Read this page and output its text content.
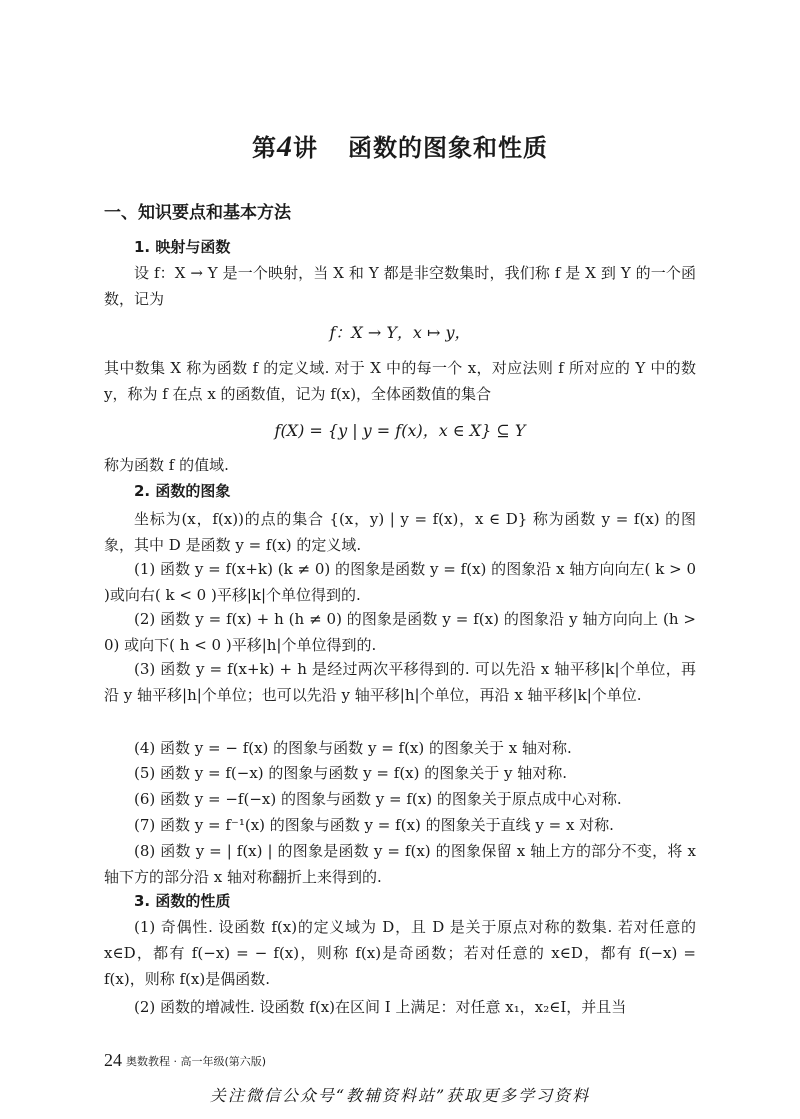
第4讲 函数的图象和性质
一、知识要点和基本方法
1. 映射与函数
设 f：X → Y 是一个映射，当 X 和 Y 都是非空数集时，我们称 f 是 X 到 Y 的一个函数，记为
f：X → Y，x ↦ y，
其中数集 X 称为函数 f 的定义域. 对于 X 中的每一个 x，对应法则 f 所对应的 Y 中的数 y，称为 f 在点 x 的函数值，记为 f(x)，全体函数值的集合
f(X) = {y | y = f(x)，x ∈ X} ⊆ Y
称为函数 f 的值域.
2. 函数的图象
坐标为(x，f(x))的点的集合 {(x，y) | y = f(x)，x ∈ D} 称为函数 y = f(x) 的图象，其中 D 是函数 y = f(x) 的定义域.
(1) 函数 y = f(x+k) (k ≠ 0) 的图象是函数 y = f(x) 的图象沿 x 轴方向向左( k > 0 )或向右( k < 0 )平移|k|个单位得到的.
(2) 函数 y = f(x) + h (h ≠ 0) 的图象是函数 y = f(x) 的图象沿 y 轴方向向上 (h > 0) 或向下( h < 0 )平移|h|个单位得到的.
(3) 函数 y = f(x+k) + h 是经过两次平移得到的. 可以先沿 x 轴平移|k|个单位，再沿 y 轴平移|h|个单位；也可以先沿 y 轴平移|h|个单位，再沿 x 轴平移|k|个单位.
(4) 函数 y = − f(x) 的图象与函数 y = f(x) 的图象关于 x 轴对称.
(5) 函数 y = f(−x) 的图象与函数 y = f(x) 的图象关于 y 轴对称.
(6) 函数 y = −f(−x) 的图象与函数 y = f(x) 的图象关于原点成中心对称.
(7) 函数 y = f⁻¹(x) 的图象与函数 y = f(x) 的图象关于直线 y = x 对称.
(8) 函数 y = | f(x) | 的图象是函数 y = f(x) 的图象保留 x 轴上方的部分不变，将 x 轴下方的部分沿 x 轴对称翻折上来得到的.
3. 函数的性质
(1) 奇偶性. 设函数 f(x)的定义域为 D，且 D 是关于原点对称的数集. 若对任意的 x∈D，都有 f(−x) = − f(x)，则称 f(x)是奇函数；若对任意的 x∈D，都有 f(−x) = f(x)，则称 f(x)是偶函数.
(2) 函数的增减性. 设函数 f(x)在区间 I 上满足：对任意 x₁，x₂∈I，并且当
24 奥数教程 · 高一年级(第六版)
关注微信公众号“教辅资料站”获取更多学习资料
